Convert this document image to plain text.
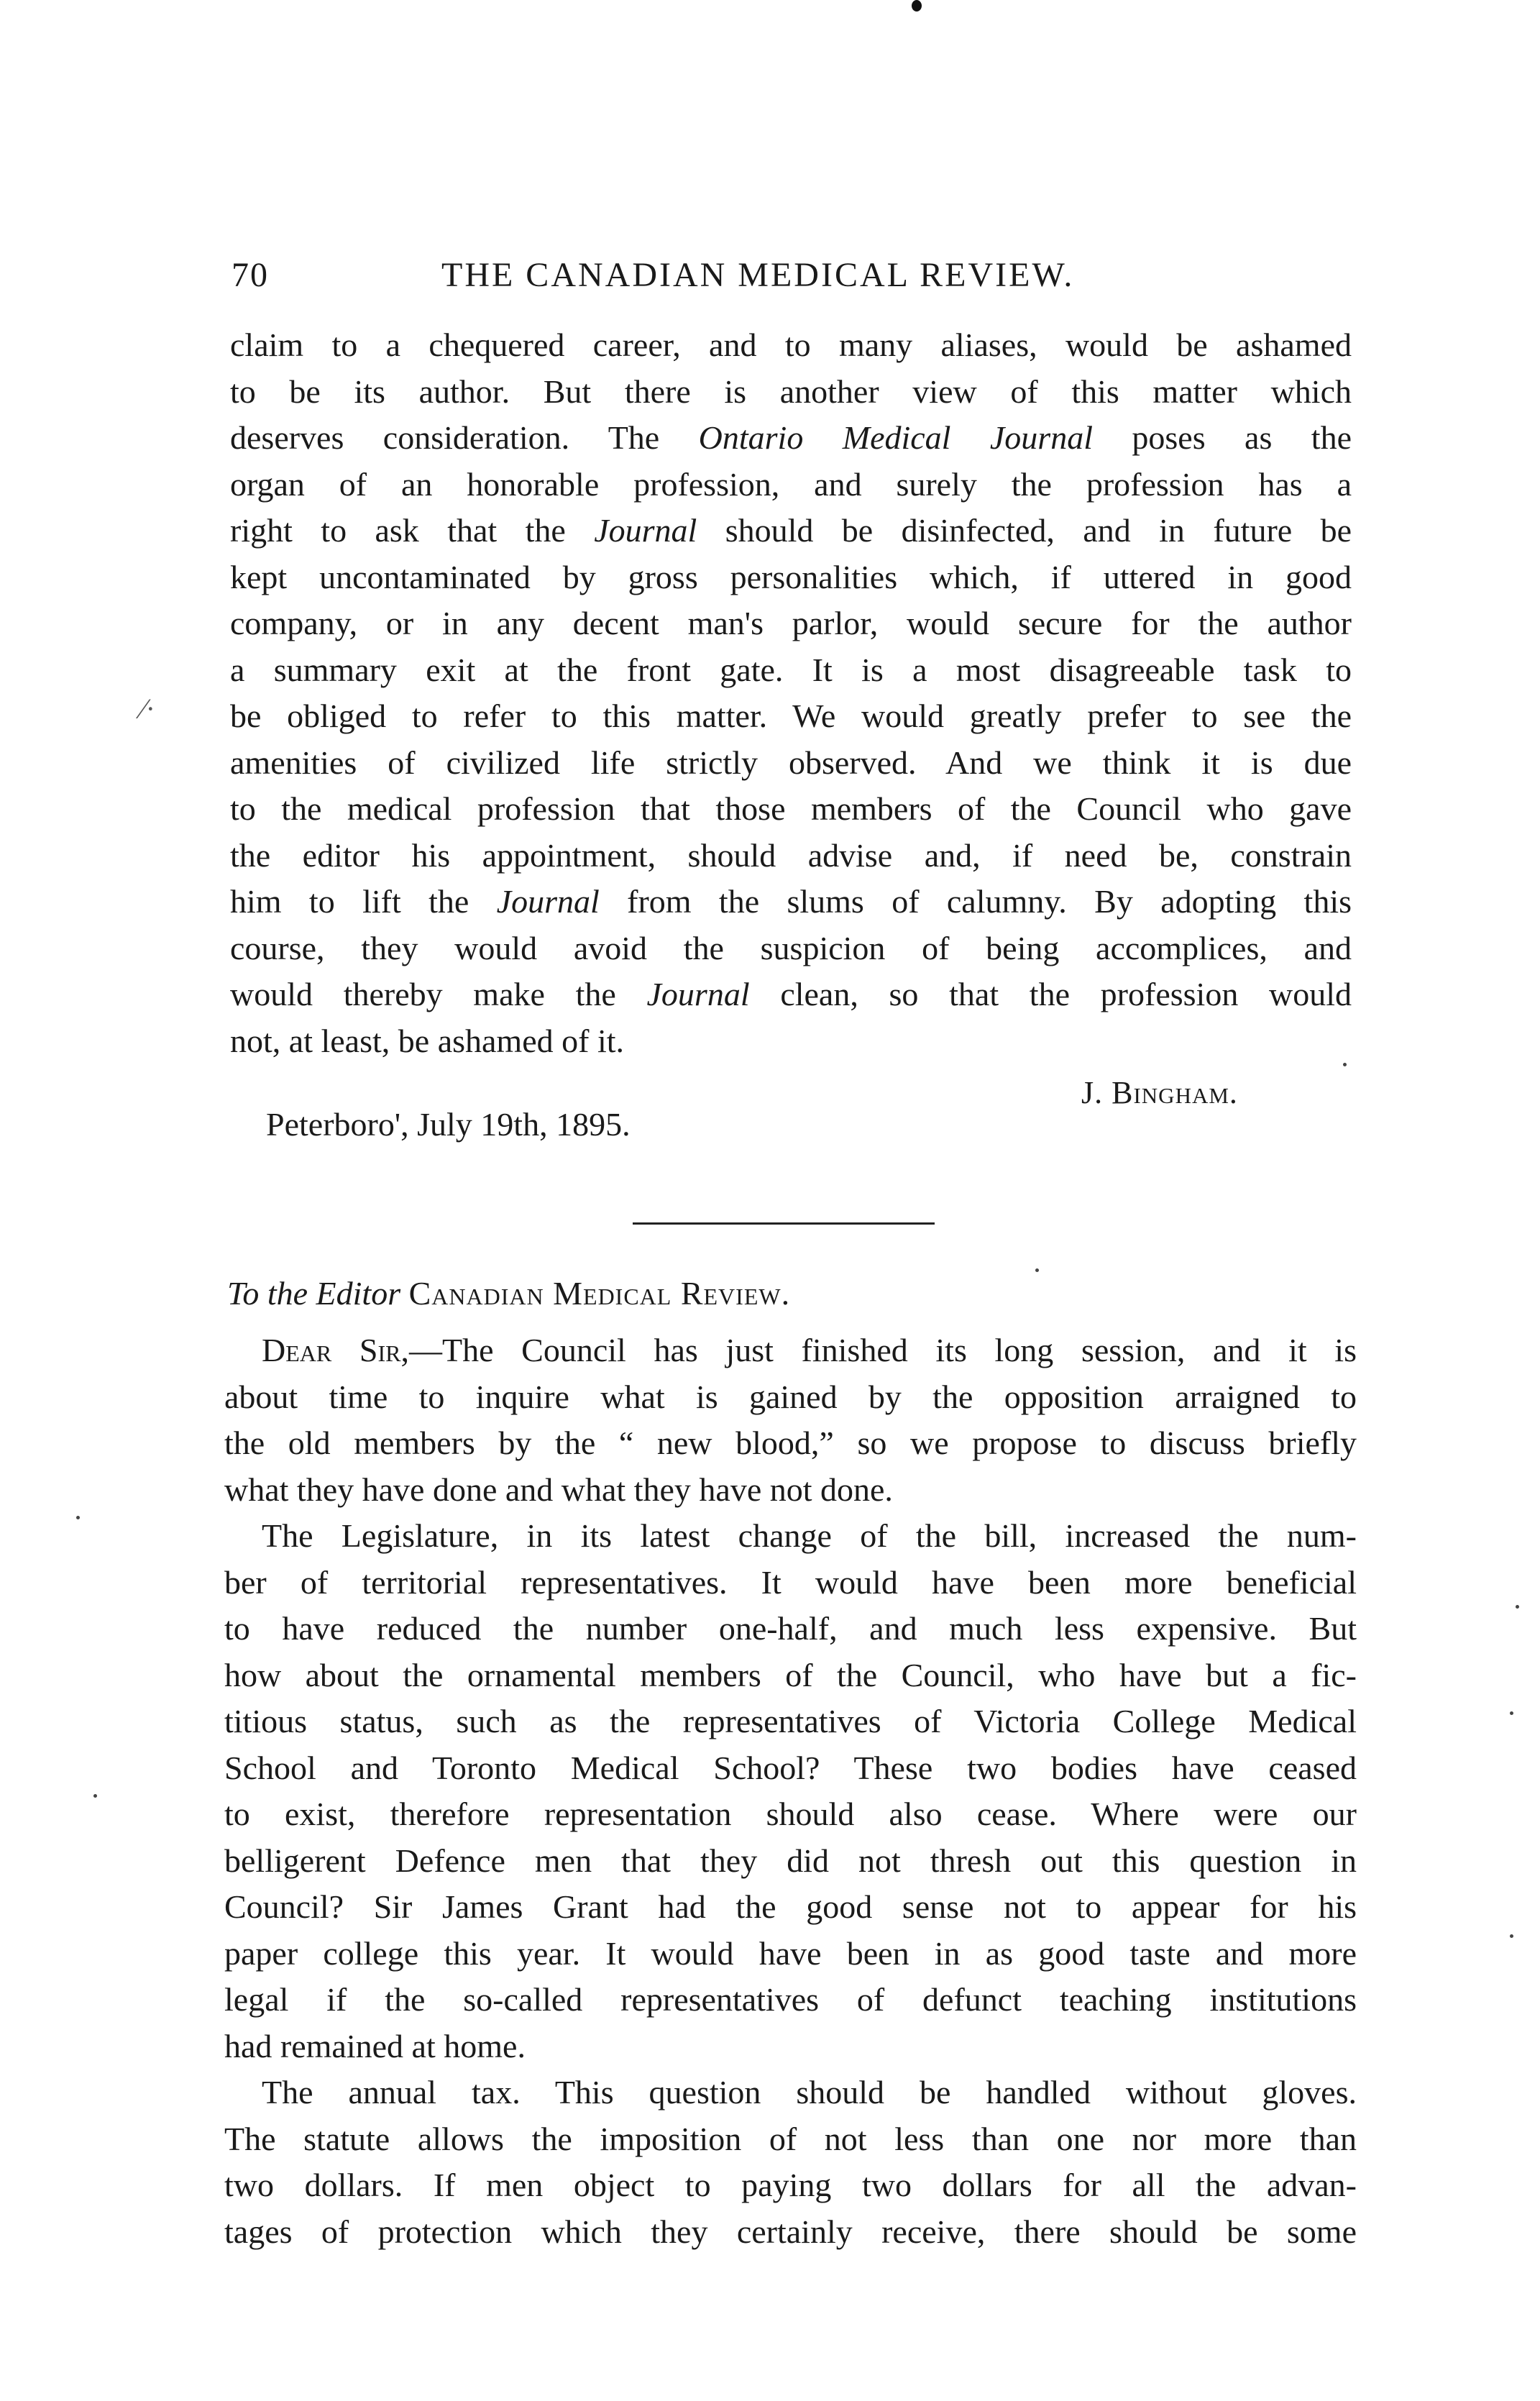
70	THE CANADIAN MEDICAL REVIEW.
⁄·
claim to a chequered career, and to many aliases, would be ashamed
to be its author. But there is another view of this matter which
deserves consideration. The Ontario Medical Journal poses as the
organ of an honorable profession, and surely the profession has a
right to ask that the Journal should be disinfected, and in future be
kept uncontaminated by gross personalities which, if uttered in good
company, or in any decent man's parlor, would secure for the author
a summary exit at the front gate. It is a most disagreeable task to
be obliged to refer to this matter. We would greatly prefer to see the
amenities of civilized life strictly observed. And we think it is due
to the medical profession that those members of the Council who gave
the editor his appointment, should advise and, if need be, constrain
him to lift the Journal from the slums of calumny. By adopting this
course, they would avoid the suspicion of being accomplices, and
would thereby make the Journal clean, so that the profession would
not, at least, be ashamed of it.
J. Bingham.
Peterboro', July 19th, 1895.
To the Editor Canadian Medical Review.
Dear Sir,—The Council has just finished its long session, and it is
about time to inquire what is gained by the opposition arraigned to
the old members by the “ new blood,” so we propose to discuss briefly
what they have done and what they have not done.
The Legislature, in its latest change of the bill, increased the num-
ber of territorial representatives. It would have been more beneficial
to have reduced the number one-half, and much less expensive. But
how about the ornamental members of the Council, who have but a fic-
titious status, such as the representatives of Victoria College Medical
School and Toronto Medical School? These two bodies have ceased
to exist, therefore representation should also cease. Where were our
belligerent Defence men that they did not thresh out this question in
Council? Sir James Grant had the good sense not to appear for his
paper college this year. It would have been in as good taste and more
legal if the so-called representatives of defunct teaching institutions
had remained at home.
The annual tax. This question should be handled without gloves.
The statute allows the imposition of not less than one nor more than
two dollars. If men object to paying two dollars for all the advan-
tages of protection which they certainly receive, there should be some
